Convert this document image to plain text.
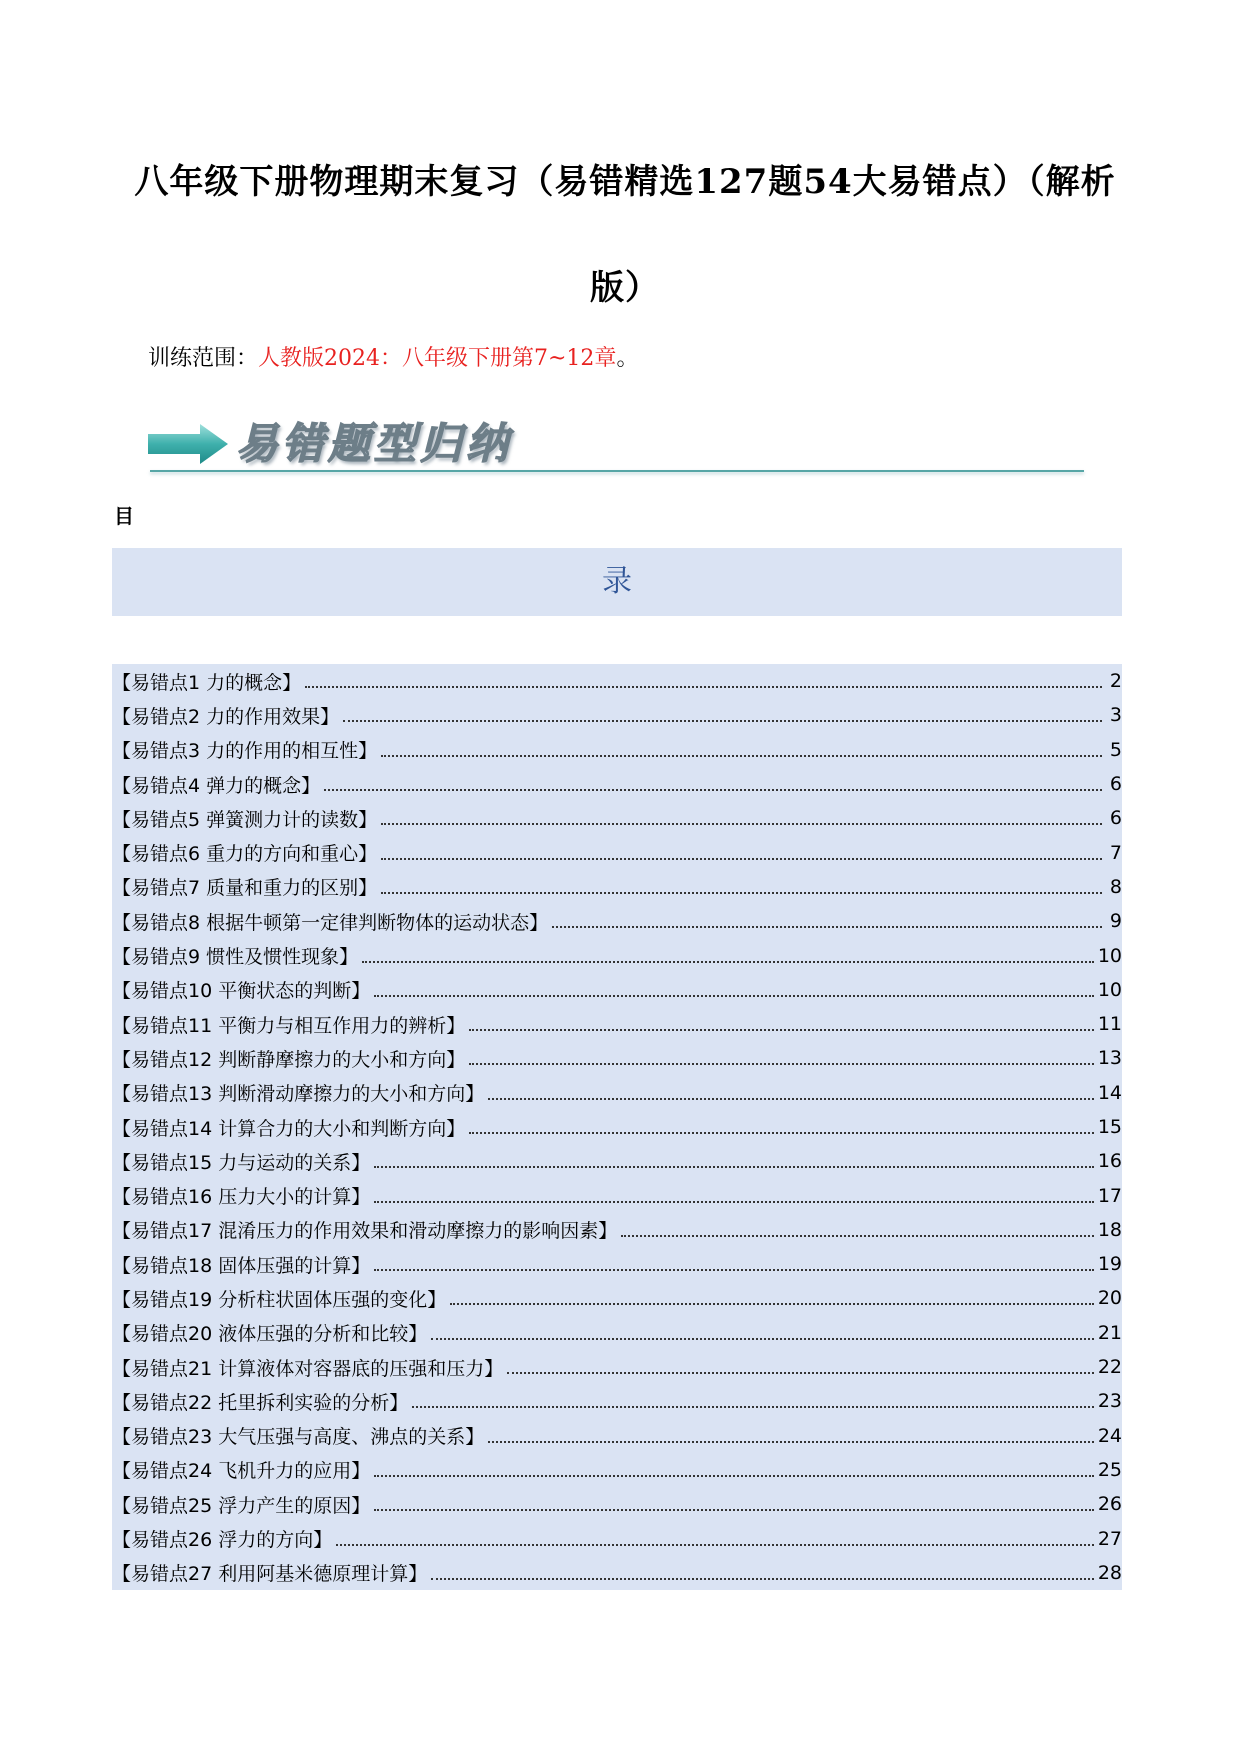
八年级下册物理期末复习（易错精选127题54大易错点）（解析
版）
训练范围：人教版2024：八年级下册第7~12章。
易错题型归纳
目
录
【易错点1 力的概念】	2
【易错点2 力的作用效果】	3
【易错点3 力的作用的相互性】	5
【易错点4 弹力的概念】	6
【易错点5 弹簧测力计的读数】	6
【易错点6 重力的方向和重心】	7
【易错点7 质量和重力的区别】	8
【易错点8 根据牛顿第一定律判断物体的运动状态】	9
【易错点9 惯性及惯性现象】	10
【易错点10 平衡状态的判断】	10
【易错点11 平衡力与相互作用力的辨析】	11
【易错点12 判断静摩擦力的大小和方向】	13
【易错点13 判断滑动摩擦力的大小和方向】	14
【易错点14 计算合力的大小和判断方向】	15
【易错点15 力与运动的关系】	16
【易错点16 压力大小的计算】	17
【易错点17 混淆压力的作用效果和滑动摩擦力的影响因素】	18
【易错点18 固体压强的计算】	19
【易错点19 分析柱状固体压强的变化】	20
【易错点20 液体压强的分析和比较】	21
【易错点21 计算液体对容器底的压强和压力】	22
【易错点22 托里拆利实验的分析】	23
【易错点23 大气压强与高度、沸点的关系】	24
【易错点24 飞机升力的应用】	25
【易错点25 浮力产生的原因】	26
【易错点26 浮力的方向】	27
【易错点27 利用阿基米德原理计算】	28
